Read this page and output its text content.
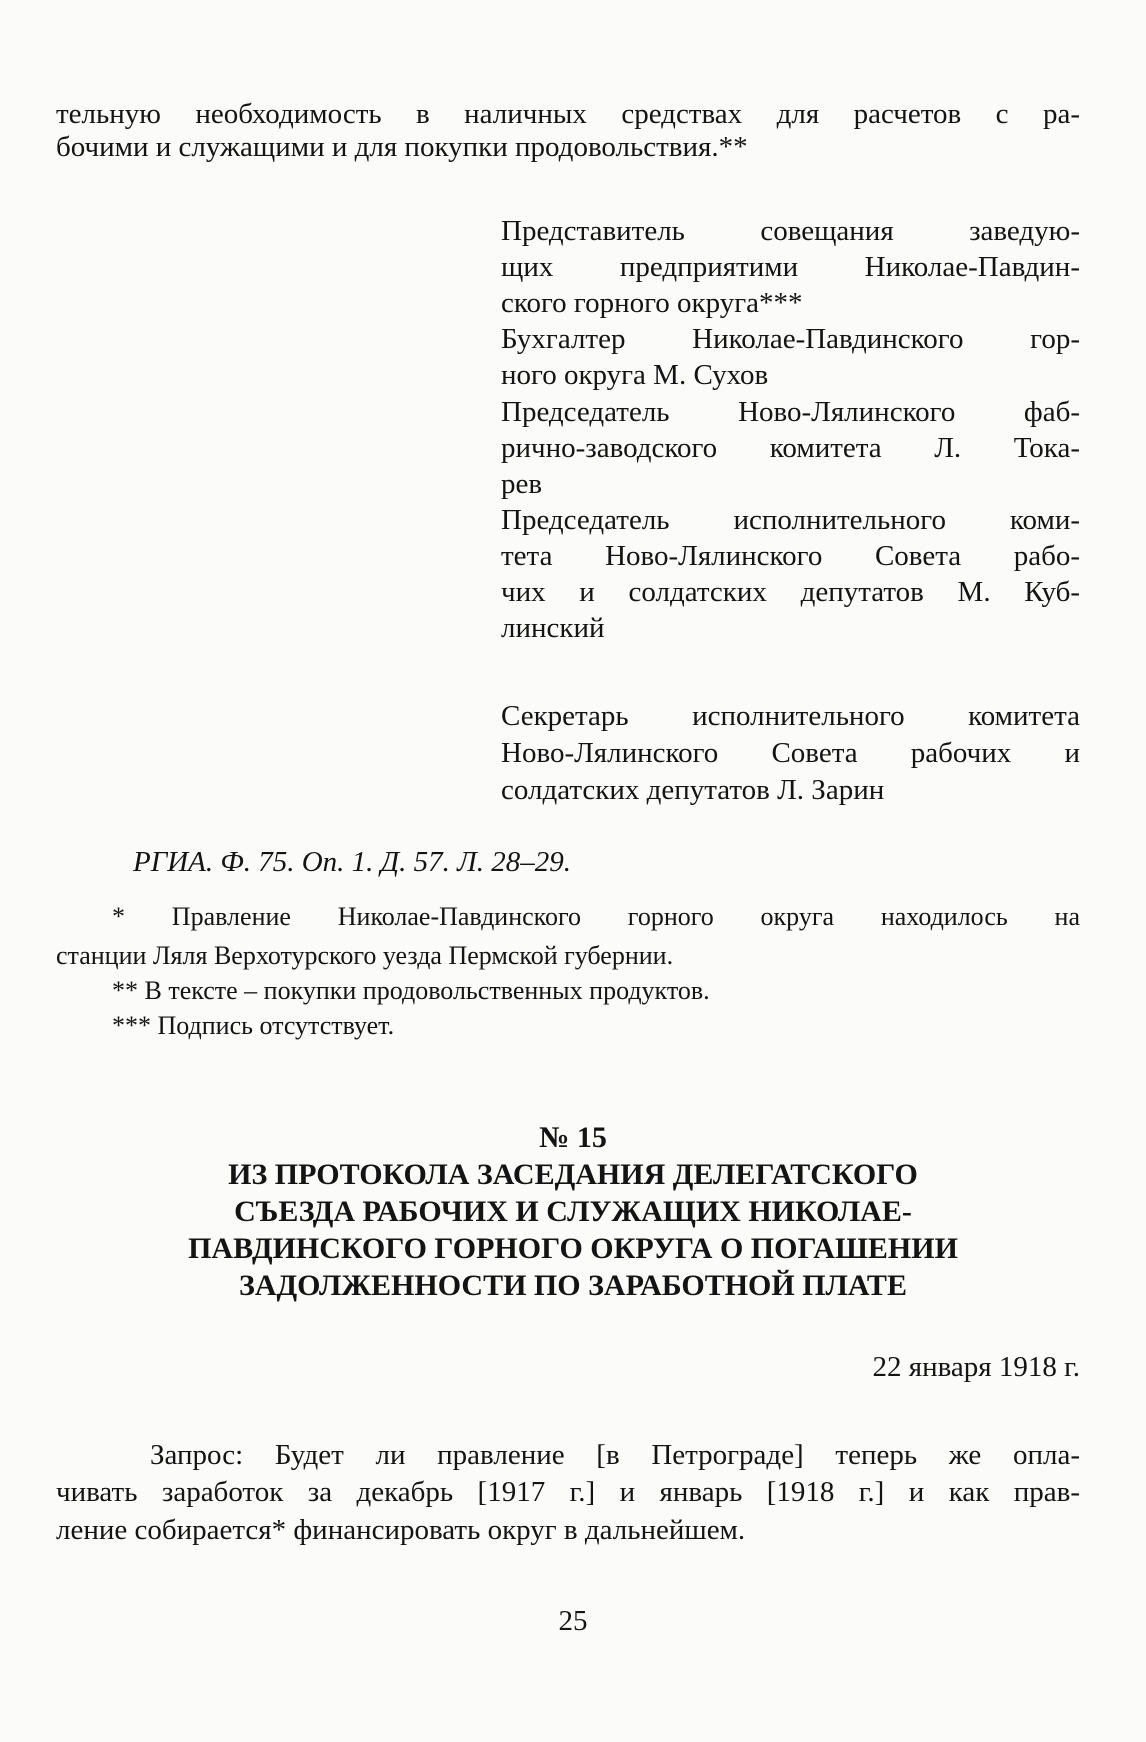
тельную необходимость в наличных средствах для расчетов с ра-
бочими и служащими и для покупки продовольствия.**
Представитель совещания заведую-
щих предприятими Николае-Павдин-
ского горного округа***
Бухгалтер Николае-Павдинского гор-
ного округа М. Сухов
Председатель Ново-Лялинского фаб-
рично-заводского комитета Л. Тока-
рев
Председатель исполнительного коми-
тета Ново-Лялинского Совета рабо-
чих и солдатских депутатов М. Куб-
линский
Секретарь исполнительного комитета
Ново-Лялинского Совета рабочих и
солдатских депутатов Л. Зарин
РГИА. Ф. 75. Оп. 1. Д. 57. Л. 28–29.
* Правление Николае-Павдинского горного округа находилось на
станции Ляля Верхотурского уезда Пермской губернии.
** В тексте – покупки продовольственных продуктов.
*** Подпись отсутствует.
№ 15
ИЗ ПРОТОКОЛА ЗАСЕДАНИЯ ДЕЛЕГАТСКОГО
СЪЕЗДА РАБОЧИХ И СЛУЖАЩИХ НИКОЛАЕ-
ПАВДИНСКОГО ГОРНОГО ОКРУГА О ПОГАШЕНИИ
ЗАДОЛЖЕННОСТИ ПО ЗАРАБОТНОЙ ПЛАТЕ
22 января 1918 г.
Запрос: Будет ли правление [в Петрограде] теперь же опла-
чивать заработок за декабрь [1917 г.] и январь [1918 г.] и как прав-
ление собирается* финансировать округ в дальнейшем.
25
